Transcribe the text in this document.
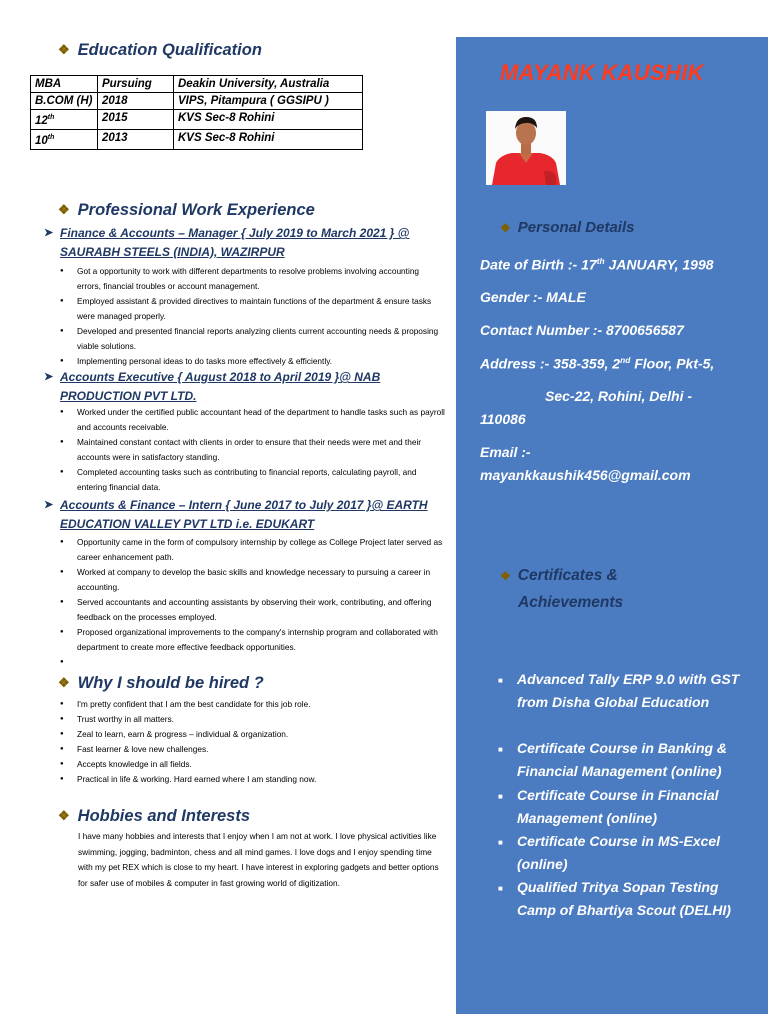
❖ Education Qualification
MBA	Pursuing	Deakin University, Australia
B.COM (H)	2018	VIPS, Pitampura ( GGSIPU )
12th	2015	KVS Sec-8 Rohini
10th	2013	KVS Sec-8 Rohini
❖ Professional Work Experience
➤ Finance & Accounts – Manager { July 2019 to March 2021 } @ SAURABH STEELS (INDIA), WAZIRPUR
● Got a opportunity to work with different departments to resolve problems involving accounting errors, financial troubles or account management.
● Employed assistant & provided directives to maintain functions of the department & ensure tasks were managed properly.
● Developed and presented financial reports analyzing clients current accounting needs & proposing viable solutions.
● Implementing personal ideas to do tasks more effectively & efficiently.
➤ Accounts Executive { August 2018 to April 2019 }@ NAB PRODUCTION PVT LTD.
● Worked under the certified public accountant head of the department to handle tasks such as payroll and accounts receivable.
● Maintained constant contact with clients in order to ensure that their needs were met and their accounts were in satisfactory standing.
● Completed accounting tasks such as contributing to financial reports, calculating payroll, and entering financial data.
➤ Accounts & Finance – Intern { June 2017 to July 2017 }@ EARTH EDUCATION VALLEY PVT LTD i.e. EDUKART
● Opportunity came in the form of compulsory internship by college as College Project later served as career enhancement path.
● Worked at company to develop the basic skills and knowledge necessary to pursuing a career in accounting.
● Served accountants and accounting assistants by observing their work, contributing, and offering feedback on the processes employed.
● Proposed organizational improvements to the company's internship program and collaborated with department to create more effective feedback opportunities.
❖ Why I should be hired ?
● I'm pretty confident that I am the best candidate for this job role.
● Trust worthy in all matters.
● Zeal to learn, earn & progress – individual & organization.
● Fast learner & love new challenges.
● Accepts knowledge in all fields.
● Practical in life & working. Hard earned where I am standing now.
❖ Hobbies and Interests
I have many hobbies and interests that I enjoy when I am not at work. I love physical activities like swimming, jogging, badminton, chess and all mind games. I love dogs and I enjoy spending time with my pet REX which is close to my heart. I have interest in exploring gadgets and better options for safer use of mobiles & computer in fast growing world of digitization.
MAYANK KAUSHIK
❖ Personal Details
Date of Birth :- 17th JANUARY, 1998
Gender :- MALE
Contact Number :- 8700656587
Address :- 358-359, 2nd Floor, Pkt-5,
Sec-22, Rohini, Delhi -
110086
Email :-
mayankkaushik456@gmail.com
❖ Certificates &
Achievements
■ Advanced Tally ERP 9.0 with GST from Disha Global Education
■ Certificate Course in Banking & Financial Management (online)
■ Certificate Course in Financial Management (online)
■ Certificate Course in MS-Excel (online)
■ Qualified Tritya Sopan Testing Camp of Bhartiya Scout (DELHI)
